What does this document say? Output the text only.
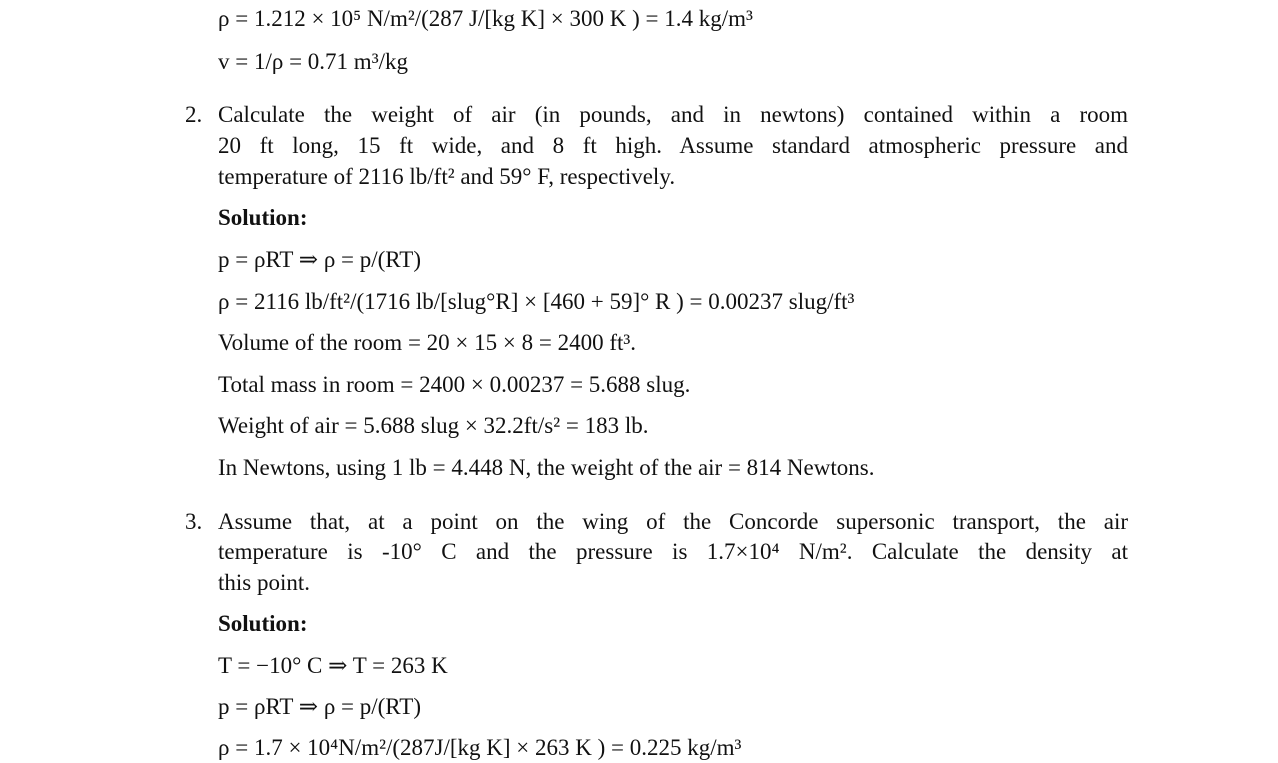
ρ = 1.212 × 10⁵ N/m²/(287 J/[kg K] × 300 K ) = 1.4 kg/m³
v = 1/ρ = 0.71 m³/kg
2. Calculate the weight of air (in pounds, and in newtons) contained within a room
20 ft long, 15 ft wide, and 8 ft high. Assume standard atmospheric pressure and
temperature of 2116 lb/ft² and 59° F, respectively.
Solution:
p = ρRT ⇒ ρ = p/(RT)
ρ = 2116 lb/ft²/(1716 lb/[slug°R] × [460 + 59]° R ) = 0.00237 slug/ft³
Volume of the room = 20 × 15 × 8 = 2400 ft³.
Total mass in room = 2400 × 0.00237 = 5.688 slug.
Weight of air = 5.688 slug × 32.2ft/s² = 183 lb.
In Newtons, using 1 lb = 4.448 N, the weight of the air = 814 Newtons.
3. Assume that, at a point on the wing of the Concorde supersonic transport, the air
temperature is -10° C and the pressure is 1.7×10⁴ N/m². Calculate the density at
this point.
Solution:
T = −10° C ⇒ T = 263 K
p = ρRT ⇒ ρ = p/(RT)
ρ = 1.7 × 10⁴N/m²/(287J/[kg K] × 263 K ) = 0.225 kg/m³
